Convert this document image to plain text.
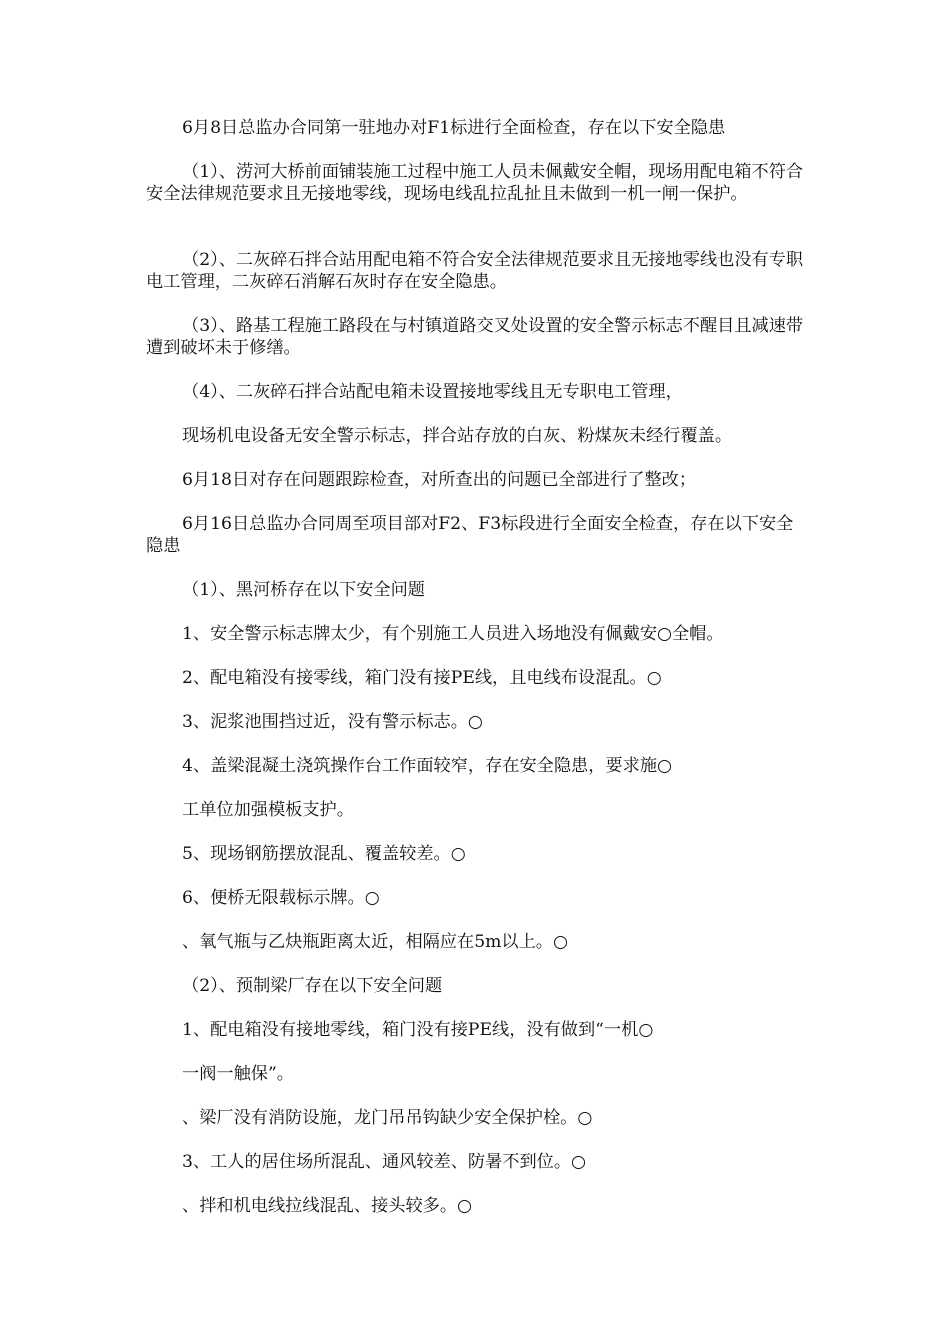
6月8日总监办合同第一驻地办对F1标进行全面检查，存在以下安全隐患

（1）、涝河大桥前面铺装施工过程中施工人员未佩戴安全帽，现场用配电箱不符合安全法律规范要求且无接地零线，现场电线乱拉乱扯且未做到一机一闸一保护。

（2）、二灰碎石拌合站用配电箱不符合安全法律规范要求且无接地零线也没有专职电工管理，二灰碎石消解石灰时存在安全隐患。

（3）、路基工程施工路段在与村镇道路交叉处设置的安全警示标志不醒目且减速带遭到破坏未于修缮。

（4）、二灰碎石拌合站配电箱未设置接地零线且无专职电工管理，

现场机电设备无安全警示标志，拌合站存放的白灰、粉煤灰未经行覆盖。

6月18日对存在问题跟踪检查，对所查出的问题已全部进行了整改；

6月16日总监办合同周至项目部对F2、F3标段进行全面安全检查，存在以下安全隐患

（1）、黑河桥存在以下安全问题

1、安全警示标志牌太少，有个别施工人员进入场地没有佩戴安○全帽。

2、配电箱没有接零线，箱门没有接PE线，且电线布设混乱。○

3、泥浆池围挡过近，没有警示标志。○

4、盖梁混凝土浇筑操作台工作面较窄，存在安全隐患，要求施○

工单位加强模板支护。

5、现场钢筋摆放混乱、覆盖较差。○

6、便桥无限载标示牌。○

、氧气瓶与乙炔瓶距离太近，相隔应在5m以上。○

（2）、预制梁厂存在以下安全问题

1、配电箱没有接地零线，箱门没有接PE线，没有做到“一机○

一阀一触保”。

、梁厂没有消防设施，龙门吊吊钩缺少安全保护栓。○

3、工人的居住场所混乱、通风较差、防暑不到位。○

、拌和机电线拉线混乱、接头较多。○
